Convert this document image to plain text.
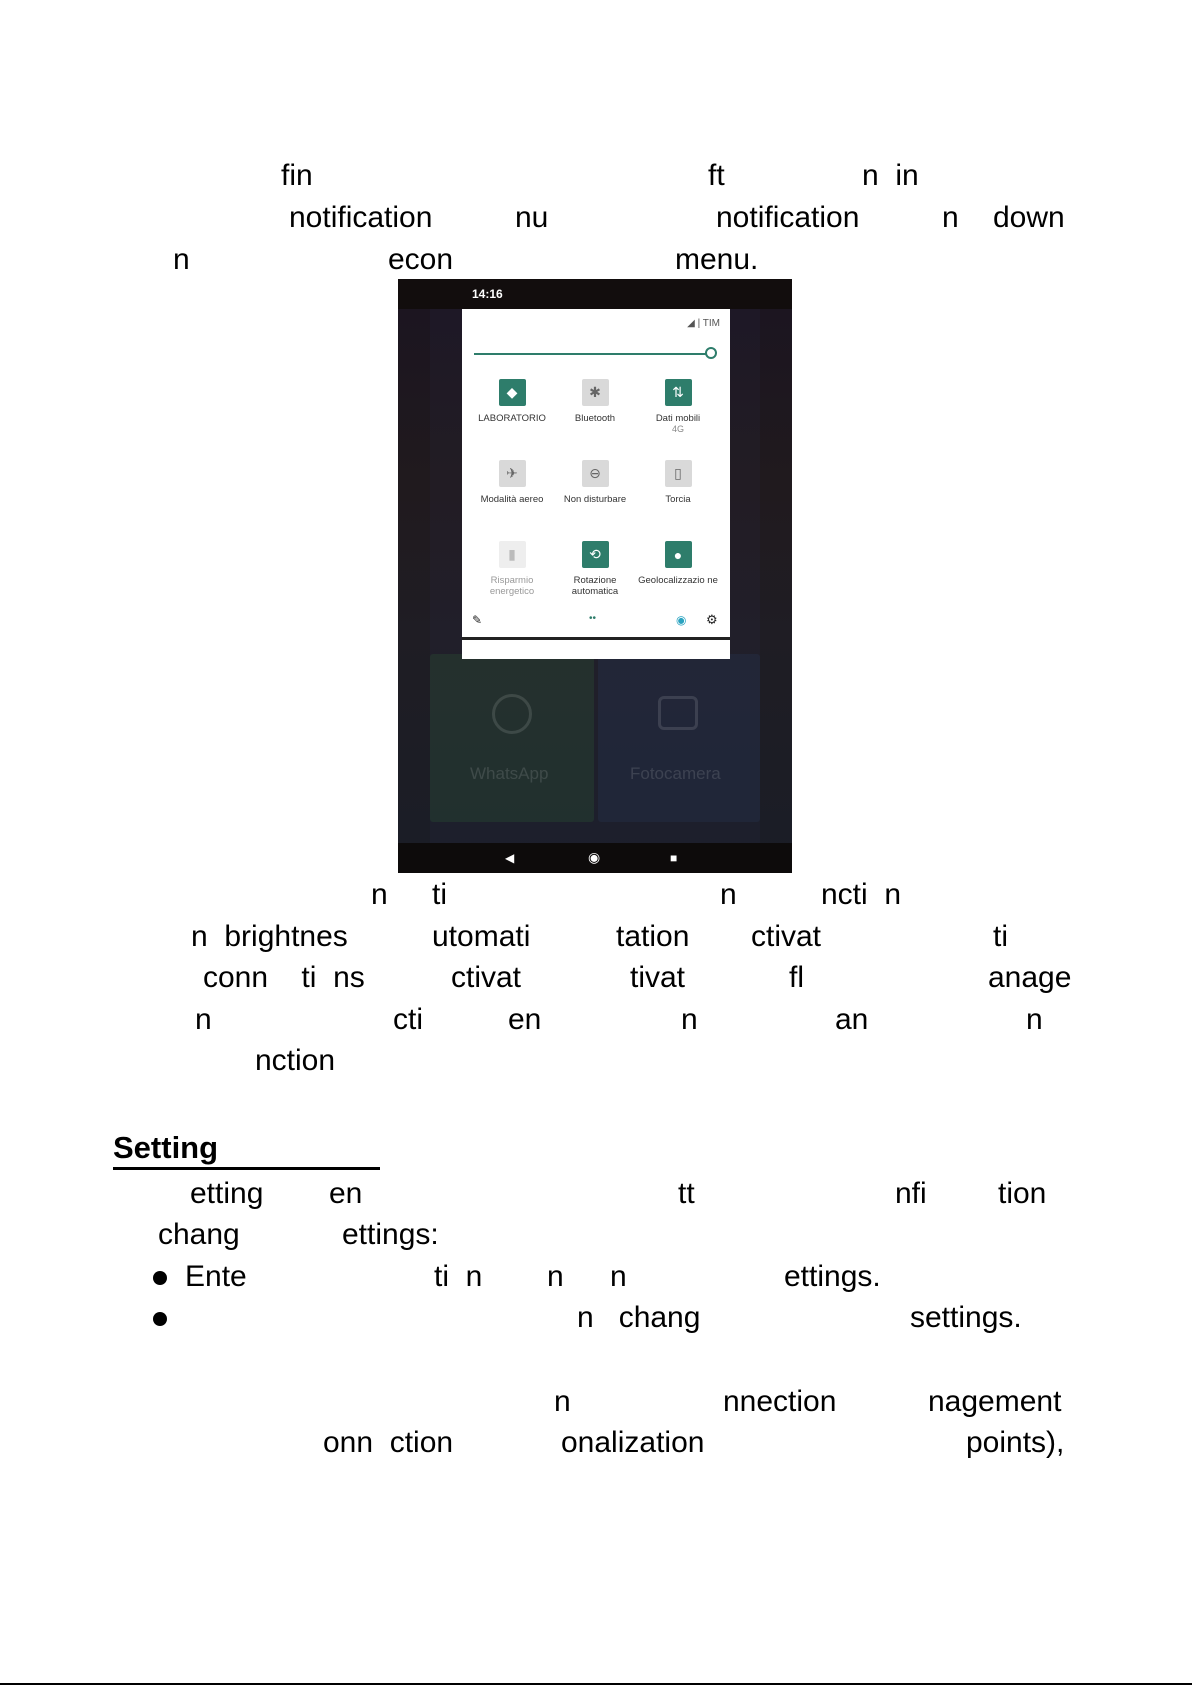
fin	ft	n  in
notification	nu	notification	n down
n	econ	menu.
WhatsApp	Fotocamera
14:16
◢ | TIM
◆
LABORATORIO
✱
Bluetooth
⇅
Dati mobili
4G
✈
Modalità aereo
⊖
Non disturbare
▯
Torcia
▮
Risparmio energetico
⟲
Rotazione automatica
●
Geolocalizzazio ne
✎	••	◉ ⚙
◀	◉	■
n ti	n	ncti  n
n  brightnes	utomati	tation ctivat	ti
conn    ti  ns	ctivat	tivat	fl	anage
n	cti	en	n	an	n
nction
Setting
etting en	tt	nfi tion
chang	ettings:
Ente	ti  n n n	ettings.
n   chang	settings.
n	nnection	nagement
onn  ction	onalization	points),
